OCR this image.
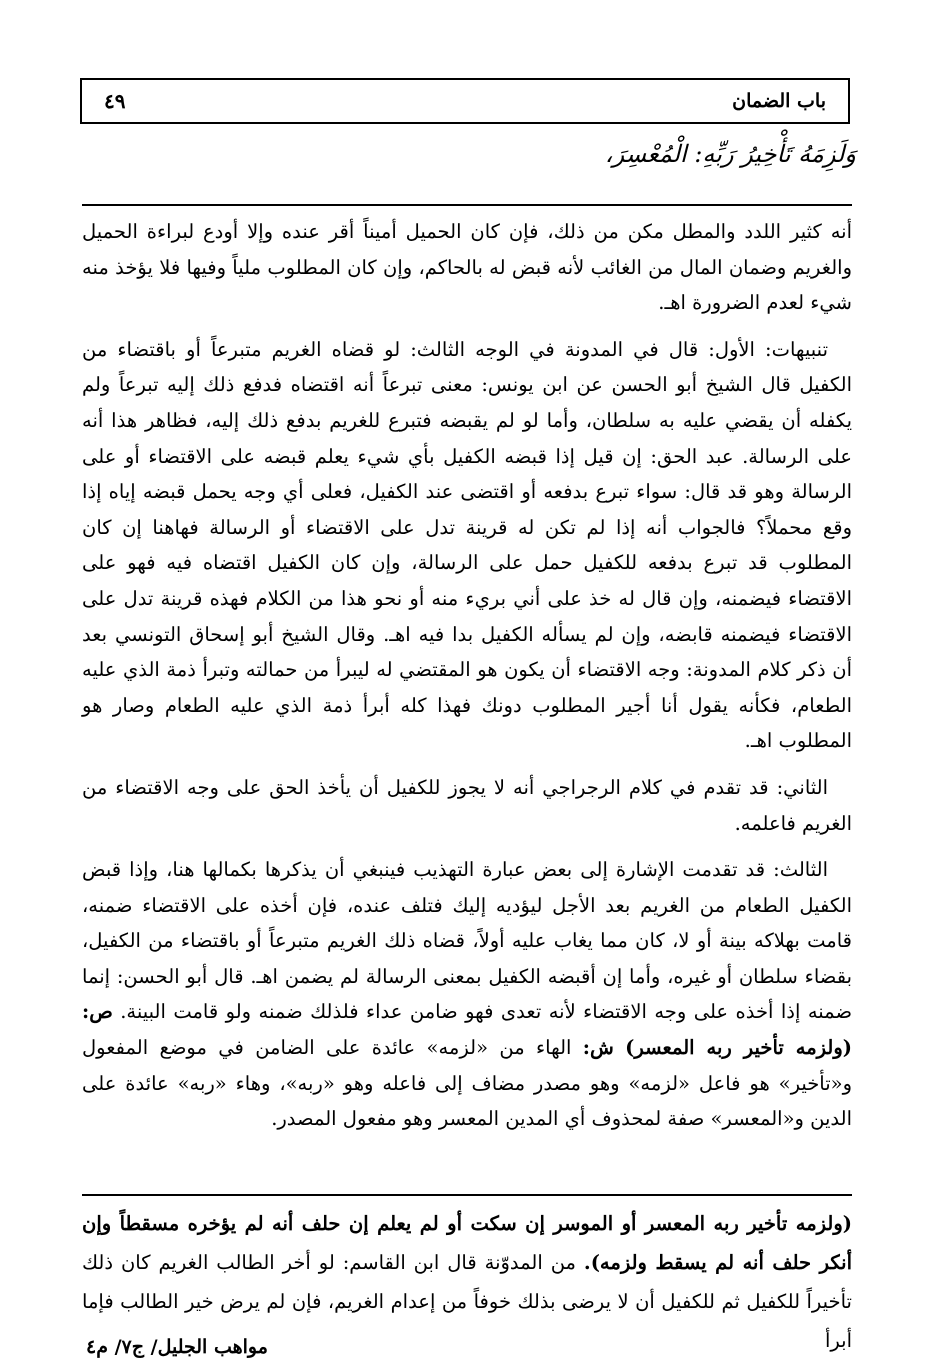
٤٩	باب الضمان
وَلَزِمَهُ تَأْخِيرُ رَبِّهِ: الْمُعْسِرَ،

أنه كثير اللدد والمطل مكن من ذلك، فإن كان الحميل أميناً أقر عنده وإلا أودع لبراءة الحميل والغريم وضمان المال من الغائب لأنه قبض له بالحاكم، وإن كان المطلوب ملياً وفيها فلا يؤخذ منه شيء لعدم الضرورة اهـ.

تنبيهات: الأول: قال في المدونة في الوجه الثالث: لو قضاه الغريم متبرعاً أو باقتضاء من الكفيل قال الشيخ أبو الحسن عن ابن يونس: معنى تبرعاً أنه اقتضاه فدفع ذلك إليه تبرعاً ولم يكفله أن يقضي عليه به سلطان، وأما لو لم يقبضه فتبرع للغريم بدفع ذلك إليه، فظاهر هذا أنه على الرسالة. عبد الحق: إن قيل إذا قبضه الكفيل بأي شيء يعلم قبضه على الاقتضاء أو على الرسالة وهو قد قال: سواء تبرع بدفعه أو اقتضى عند الكفيل، فعلى أي وجه يحمل قبضه إياه إذا وقع محملاً؟ فالجواب أنه إذا لم تكن له قرينة تدل على الاقتضاء أو الرسالة فهاهنا إن كان المطلوب قد تبرع بدفعه للكفيل حمل على الرسالة، وإن كان الكفيل اقتضاه فيه فهو على الاقتضاء فيضمنه، وإن قال له خذ على أني بريء منه أو نحو هذا من الكلام فهذه قرينة تدل على الاقتضاء فيضمنه قابضه، وإن لم يسأله الكفيل بدا فيه اهـ. وقال الشيخ أبو إسحاق التونسي بعد أن ذكر كلام المدونة: وجه الاقتضاء أن يكون هو المقتضي له ليبرأ من حمالته وتبرأ ذمة الذي عليه الطعام، فكأنه يقول أنا أجير المطلوب دونك فهذا كله أبرأ ذمة الذي عليه الطعام وصار هو المطلوب اهـ.

الثاني: قد تقدم في كلام الرجراجي أنه لا يجوز للكفيل أن يأخذ الحق على وجه الاقتضاء من الغريم فاعلمه.

الثالث: قد تقدمت الإشارة إلى بعض عبارة التهذيب فينبغي أن يذكرها بكمالها هنا، وإذا قبض الكفيل الطعام من الغريم بعد الأجل ليؤديه إليك فتلف عنده، فإن أخذه على الاقتضاء ضمنه، قامت بهلاكه بينة أو لا، كان مما يغاب عليه أولاً، قضاه ذلك الغريم متبرعاً أو باقتضاء من الكفيل، بقضاء سلطان أو غيره، وأما إن أقبضه الكفيل بمعنى الرسالة لم يضمن اهـ. قال أبو الحسن: إنما ضمنه إذا أخذه على وجه الاقتضاء لأنه تعدى فهو ضامن عداء فلذلك ضمنه ولو قامت البينة. ص: (ولزمه تأخير ربه المعسر) ش: الهاء من «لزمه» عائدة على الضامن في موضع المفعول و«تأخير» هو فاعل «لزمه» وهو مصدر مضاف إلى فاعله وهو «ربه»، وهاء «ربه» عائدة على الدين و«المعسر» صفة لمحذوف أي المدين المعسر وهو مفعول المصدر.

(ولزمه تأخير ربه المعسر أو الموسر إن سكت أو لم يعلم إن حلف أنه لم يؤخره مسقطاً وإن أنكر حلف أنه لم يسقط ولزمه). من المدوّنة قال ابن القاسم: لو أخر الطالب الغريم كان ذلك تأخيراً للكفيل ثم للكفيل أن لا يرضى بذلك خوفاً من إعدام الغريم، فإن لم يرض خير الطالب فإما أبرأ
مواهب الجليل/ ج٧/ م٤
